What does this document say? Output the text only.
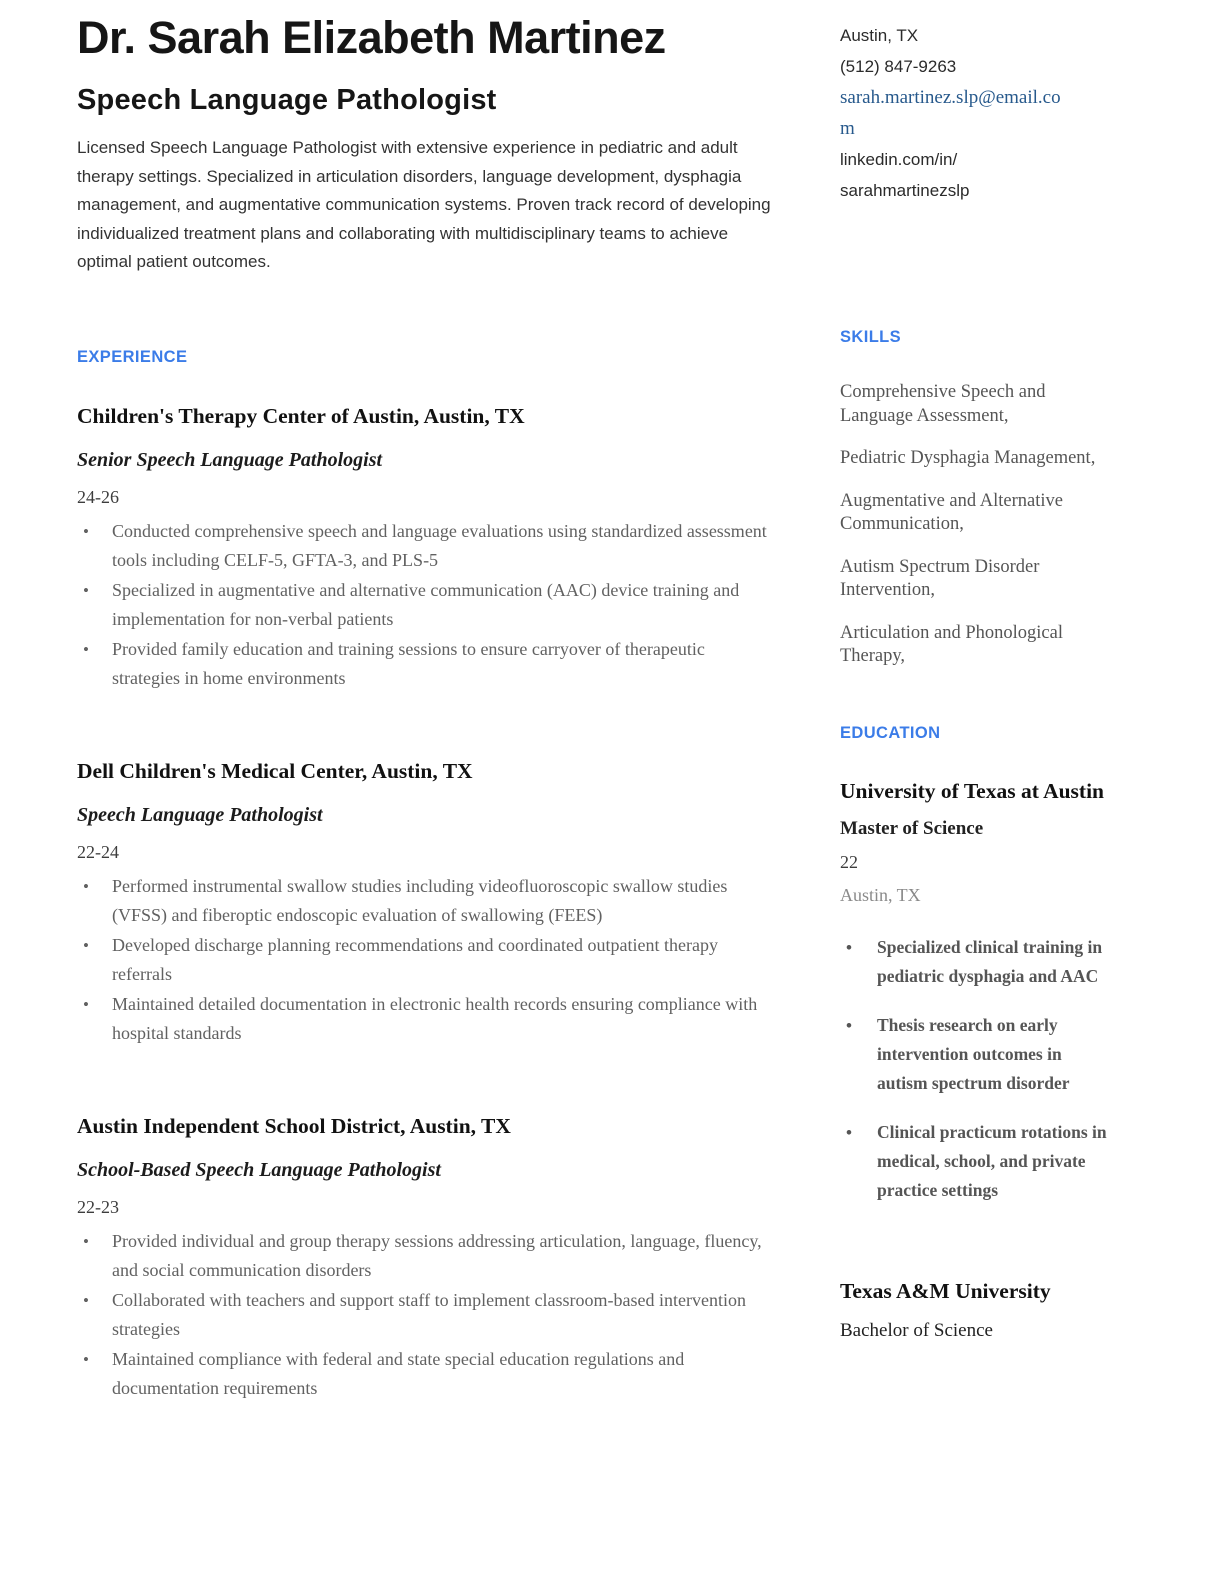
Dr. Sarah Elizabeth Martinez
Speech Language Pathologist

Licensed Speech Language Pathologist with extensive experience in pediatric and adult therapy settings. Specialized in articulation disorders, language development, dysphagia management, and augmentative communication systems. Proven track record of developing individualized treatment plans and collaborating with multidisciplinary teams to achieve optimal patient outcomes.

EXPERIENCE
Children's Therapy Center of Austin, Austin, TX
Senior Speech Language Pathologist
24-26
• Conducted comprehensive speech and language evaluations using standardized assessment tools including CELF-5, GFTA-3, and PLS-5
• Specialized in augmentative and alternative communication (AAC) device training and implementation for non-verbal patients
• Provided family education and training sessions to ensure carryover of therapeutic strategies in home environments
Dell Children's Medical Center, Austin, TX
Speech Language Pathologist
22-24
• Performed instrumental swallow studies including videofluoroscopic swallow studies (VFSS) and fiberoptic endoscopic evaluation of swallowing (FEES)
• Developed discharge planning recommendations and coordinated outpatient therapy referrals
• Maintained detailed documentation in electronic health records ensuring compliance with hospital standards
Austin Independent School District, Austin, TX
School-Based Speech Language Pathologist
22-23
• Provided individual and group therapy sessions addressing articulation, language, fluency, and social communication disorders
• Collaborated with teachers and support staff to implement classroom-based intervention strategies
• Maintained compliance with federal and state special education regulations and documentation requirements
Austin, TX
(512) 847-9263
sarah.martinez.slp@email.co
m
linkedin.com/in/
sarahmartinezslp
SKILLS
Comprehensive Speech and Language Assessment,
Pediatric Dysphagia Management,
Augmentative and Alternative Communication,
Autism Spectrum Disorder Intervention,
Articulation and Phonological Therapy,
EDUCATION
University of Texas at Austin
Master of Science
22
Austin, TX
• Specialized clinical training in pediatric dysphagia and AAC
• Thesis research on early intervention outcomes in autism spectrum disorder
• Clinical practicum rotations in medical, school, and private practice settings
Texas A&M University
Bachelor of Science
